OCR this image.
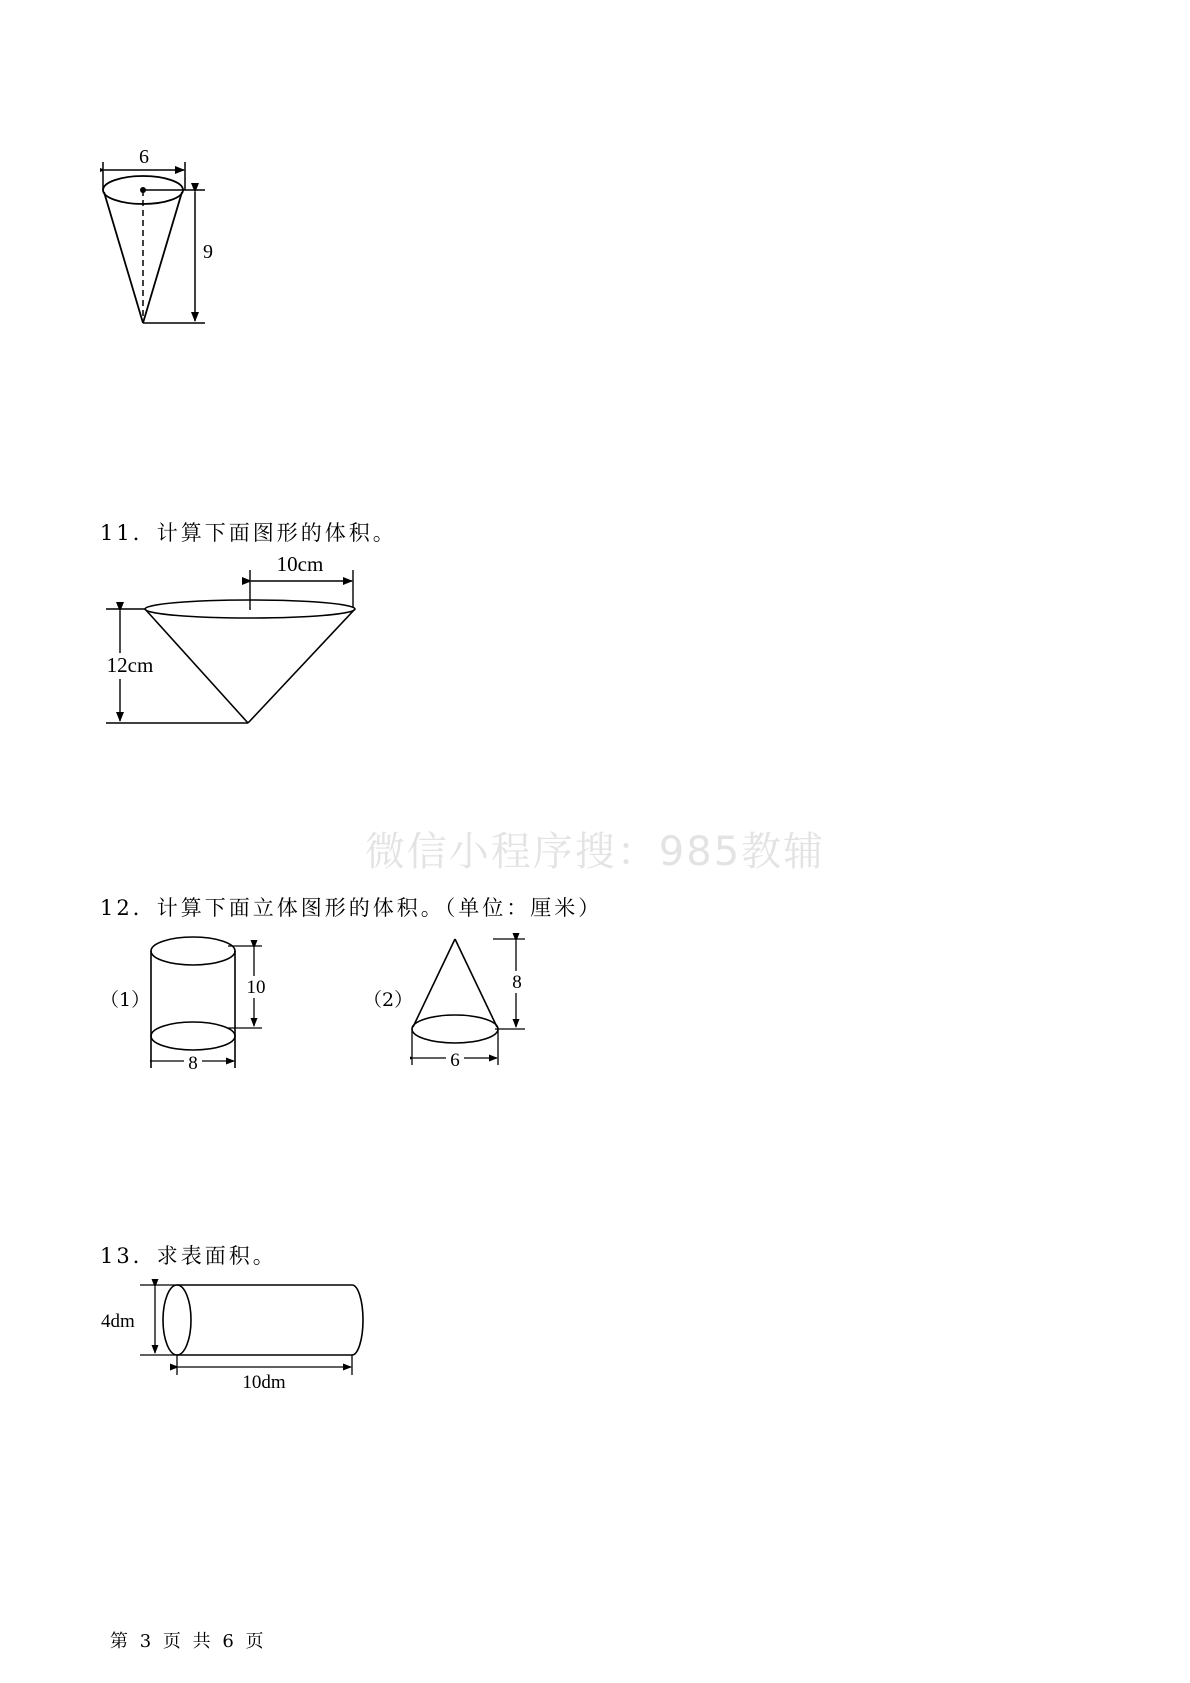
6
9
11．计算下面图形的体积。
10cm
12cm
微信小程序搜：985教辅
12．计算下面立体图形的体积。（单位：厘米）
（1）
10
8
（2）
8
6
13．求表面积。
4dm
10dm
第 3 页 共 6 页
